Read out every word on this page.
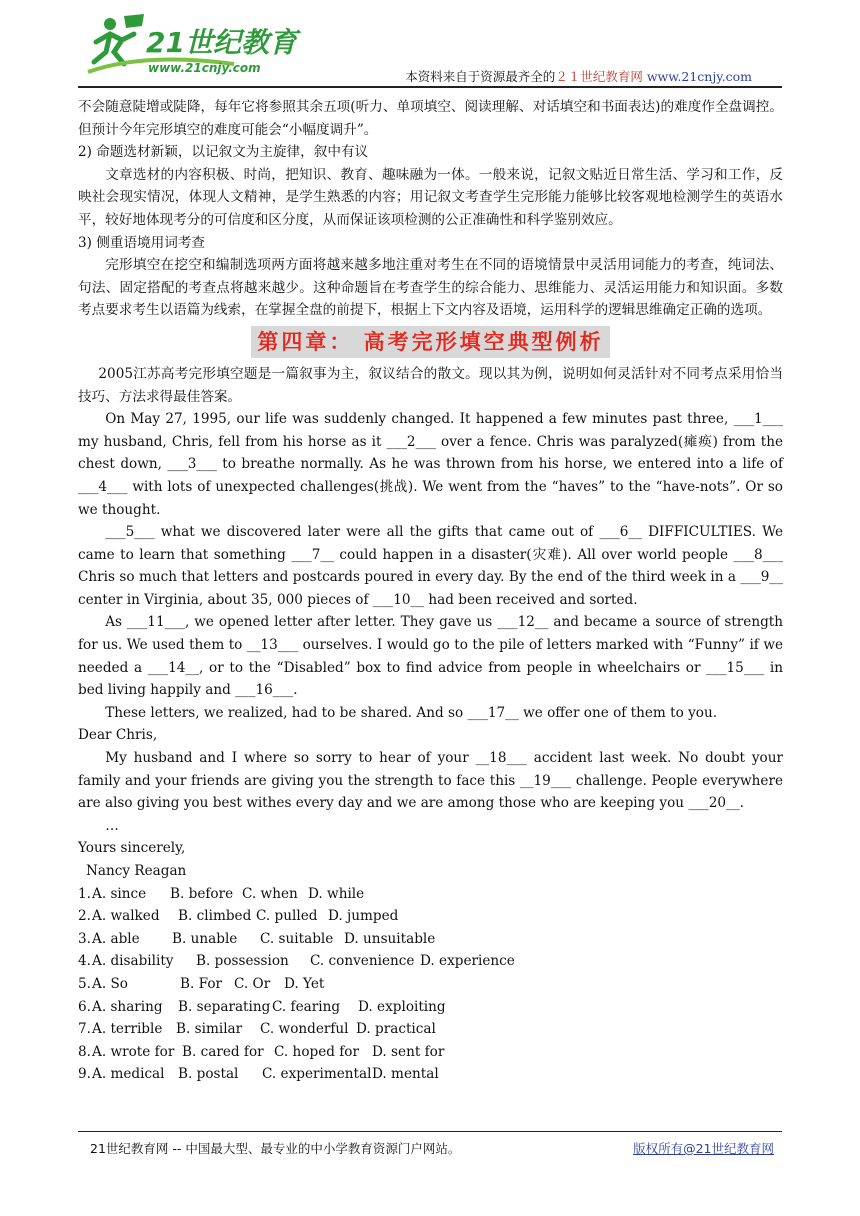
21世纪教育
www.21cnjy.com
本资料来自于资源最齐全的２１世纪教育网 www.21cnjy.com

不会随意陡增或陡降，每年它将参照其余五项(听力、单项填空、阅读理解、对话填空和书面表达)的难度作全盘调控。但预计今年完形填空的难度可能会“小幅度调升”。

2) 命题选材新颖，以记叙文为主旋律，叙中有议

文章选材的内容积极、时尚，把知识、教育、趣味融为一体。一般来说，记叙文贴近日常生活、学习和工作，反映社会现实情况，体现人文精神，是学生熟悉的内容；用记叙文考查学生完形能力能够比较客观地检测学生的英语水平，较好地体现考分的可信度和区分度，从而保证该项检测的公正准确性和科学鉴别效应。

3) 侧重语境用词考查

完形填空在挖空和编制选项两方面将越来越多地注重对考生在不同的语境情景中灵活用词能力的考查，纯词法、句法、固定搭配的考查点将越来越少。这种命题旨在考查学生的综合能力、思维能力、灵活运用能力和知识面。多数考点要求考生以语篇为线索，在掌握全盘的前提下，根据上下文内容及语境，运用科学的逻辑思维确定正确的选项。

第四章： 高考完形填空典型例析

2005江苏高考完形填空题是一篇叙事为主，叙议结合的散文。现以其为例，说明如何灵活针对不同考点采用恰当技巧、方法求得最佳答案。

On May 27, 1995, our life was suddenly changed. It happened a few minutes past three, ___1___ my husband, Chris, fell from his horse as it ___2___ over a fence. Chris was paralyzed(瘫痪) from the chest down, ___3___ to breathe normally. As he was thrown from his horse, we entered into a life of ___4___ with lots of unexpected challenges(挑战). We went from the “haves” to the “have-nots”. Or so we thought.

___5___ what we discovered later were all the gifts that came out of ___6__ DIFFICULTIES. We came to learn that something ___7__ could happen in a disaster(灾难). All over world people ___8___ Chris so much that letters and postcards poured in every day. By the end of the third week in a ___9__ center in Virginia, about 35, 000 pieces of ___10__ had been received and sorted.

As ___11___, we opened letter after letter. They gave us ___12__ and became a source of strength for us. We used them to __13___ ourselves. I would go to the pile of letters marked with “Funny” if we needed a ___14__, or to the “Disabled” box to find advice from people in wheelchairs or ___15___ in bed living happily and ___16___.

These letters, we realized, had to be shared. And so ___17__ we offer one of them to you.

Dear Chris,

My husband and I where so sorry to hear of your __18___ accident last week. No doubt your family and your friends are giving you the strength to face this __19___ challenge. People everywhere are also giving you best withes every day and we are among those who are keeping you ___20__.

…

Yours sincerely,

Nancy Reagan

1.A. since B. before C. when D. while

2.A. walked B. climbed C. pulled D. jumped

3.A. able B. unable C. suitable D. unsuitable

4.A. disability B. possession C. convenience D. experience

5.A. So	B. For C. Or D. Yet

6.A. sharing B. separating C. fearing D. exploiting

7.A. terrible B. similar C. wonderful D. practical

8.A. wrote for B. cared for C. hoped for D. sent for

9.A. medical B. postal C. experimentalD. mental

21世纪教育网 -- 中国最大型、最专业的中小学教育资源门户网站。	版权所有@21世纪教育网
